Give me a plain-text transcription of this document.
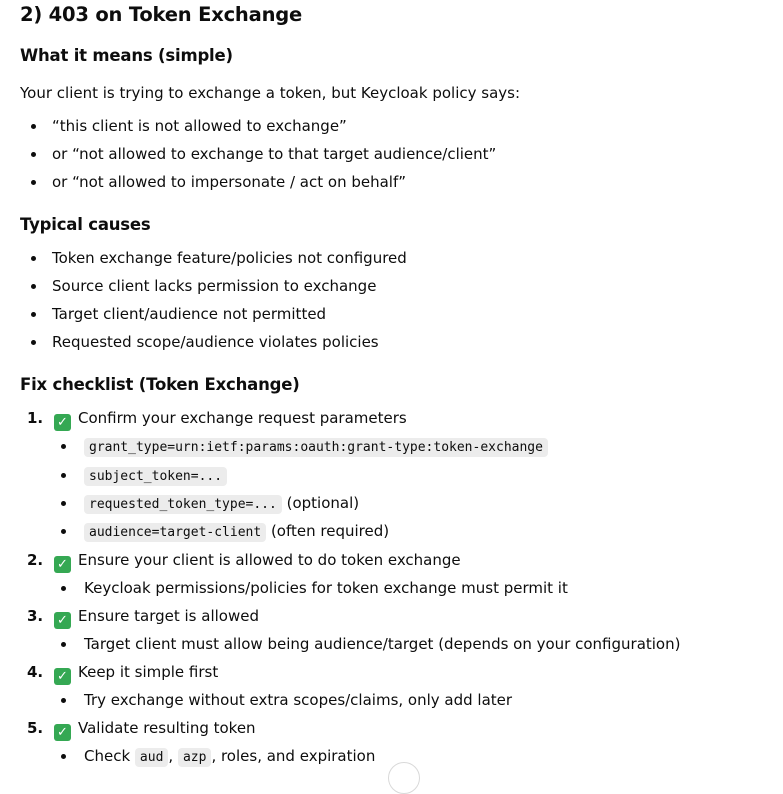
2) 403 on Token Exchange
What it means (simple)
Your client is trying to exchange a token, but Keycloak policy says:
“this client is not allowed to exchange”
or “not allowed to exchange to that target audience/client”
or “not allowed to impersonate / act on behalf”
Typical causes
Token exchange feature/policies not configured
Source client lacks permission to exchange
Target client/audience not permitted
Requested scope/audience violates policies
Fix checklist (Token Exchange)
1. ✓ Confirm your exchange request parameters
grant_type=urn:ietf:params:oauth:grant-type:token-exchange
subject_token=...
requested_token_type=... (optional)
audience=target-client (often required)
2. ✓ Ensure your client is allowed to do token exchange
Keycloak permissions/policies for token exchange must permit it
3. ✓ Ensure target is allowed
Target client must allow being audience/target (depends on your configuration)
4. ✓ Keep it simple first
Try exchange without extra scopes/claims, only add later
5. ✓ Validate resulting token
Check aud , azp , roles, and expiration
